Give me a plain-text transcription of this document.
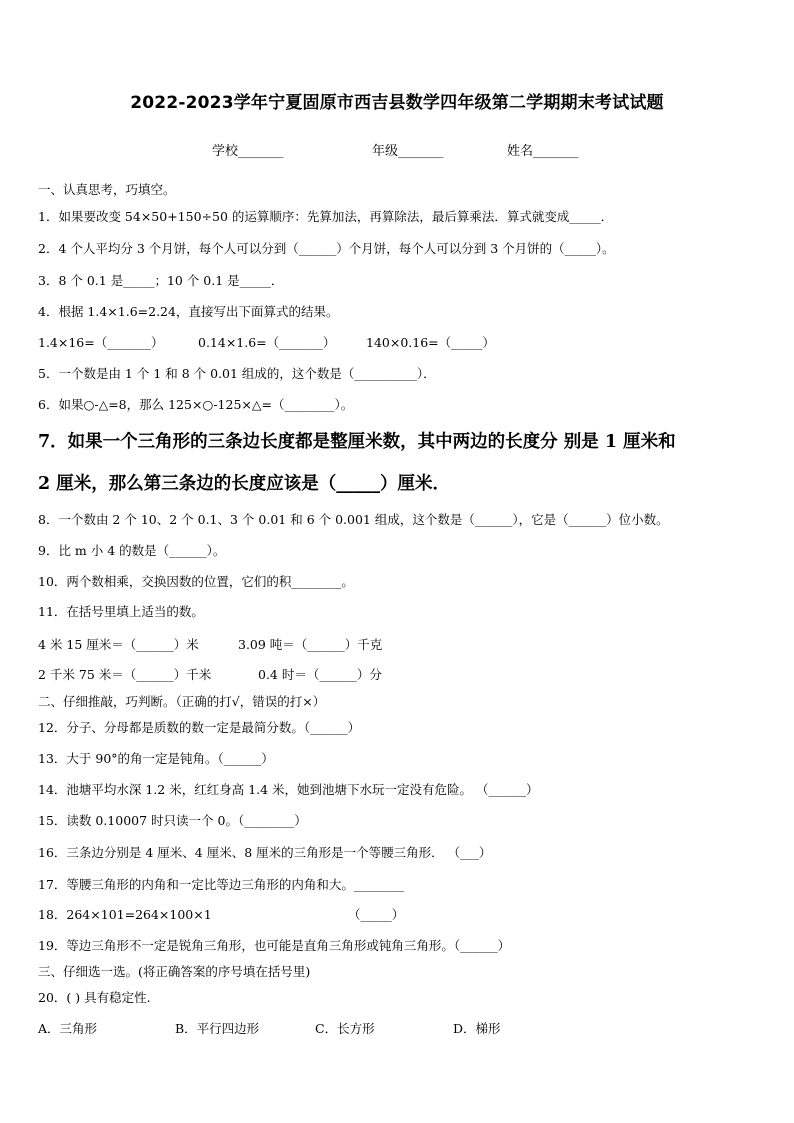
2022-2023学年宁夏固原市西吉县数学四年级第二学期期末考试试题
学校_______	年级_______	姓名_______
一、认真思考，巧填空。
1．如果要改变 54×50+150÷50 的运算顺序：先算加法，再算除法，最后算乘法．算式就变成_____．
2．4 个人平均分 3 个月饼，每个人可以分到（______）个月饼，每个人可以分到 3 个月饼的（_____）。
3．8 个 0.1 是_____；10 个 0.1 是_____．
4．根据 1.4×1.6=2.24，直接写出下面算式的结果。
1.4×16=（_______）	0.14×1.6=（_______） 140×0.16=（_____）
5．一个数是由 1 个 1 和 8 个 0.01 组成的，这个数是（__________）．
6．如果○-△=8，那么 125×○-125×△=（________）。
7．如果一个三角形的三条边长度都是整厘米数，其中两边的长度分 别是 1 厘米和
2 厘米，那么第三条边的长度应该是（_____）厘米．
8．一个数由 2 个 10、2 个 0.1、3 个 0.01 和 6 个 0.001 组成，这个数是（______），它是（______）位小数。
9．比 m 小 4 的数是（______）。
10．两个数相乘，交换因数的位置，它们的积________。
11．在括号里填上适当的数。
4 米 15 厘米＝（______）米	3.09 吨＝（______）千克
2 千米 75 米＝（______）千米	0.4 时＝（______）分
二、仔细推敲，巧判断。（正确的打√，错误的打×）
12．分子、分母都是质数的数一定是最简分数。（______）
13．大于 90°的角一定是钝角。（______）
14．池塘平均水深 1.2 米，红红身高 1.4 米，她到池塘下水玩一定没有危险。 （______）
15．读数 0.10007 时只读一个 0。（________）
16．三条边分别是 4 厘米、4 厘米、8 厘米的三角形是一个等腰三角形． （___）
17．等腰三角形的内角和一定比等边三角形的内角和大。________
18．264×101=264×100×1	（_____）
19．等边三角形不一定是锐角三角形，也可能是直角三角形或钝角三角形。（______）
三、仔细选一选。(将正确答案的序号填在括号里)
20．( ) 具有稳定性.
A．三角形	B．平行四边形	C．长方形	D．梯形
